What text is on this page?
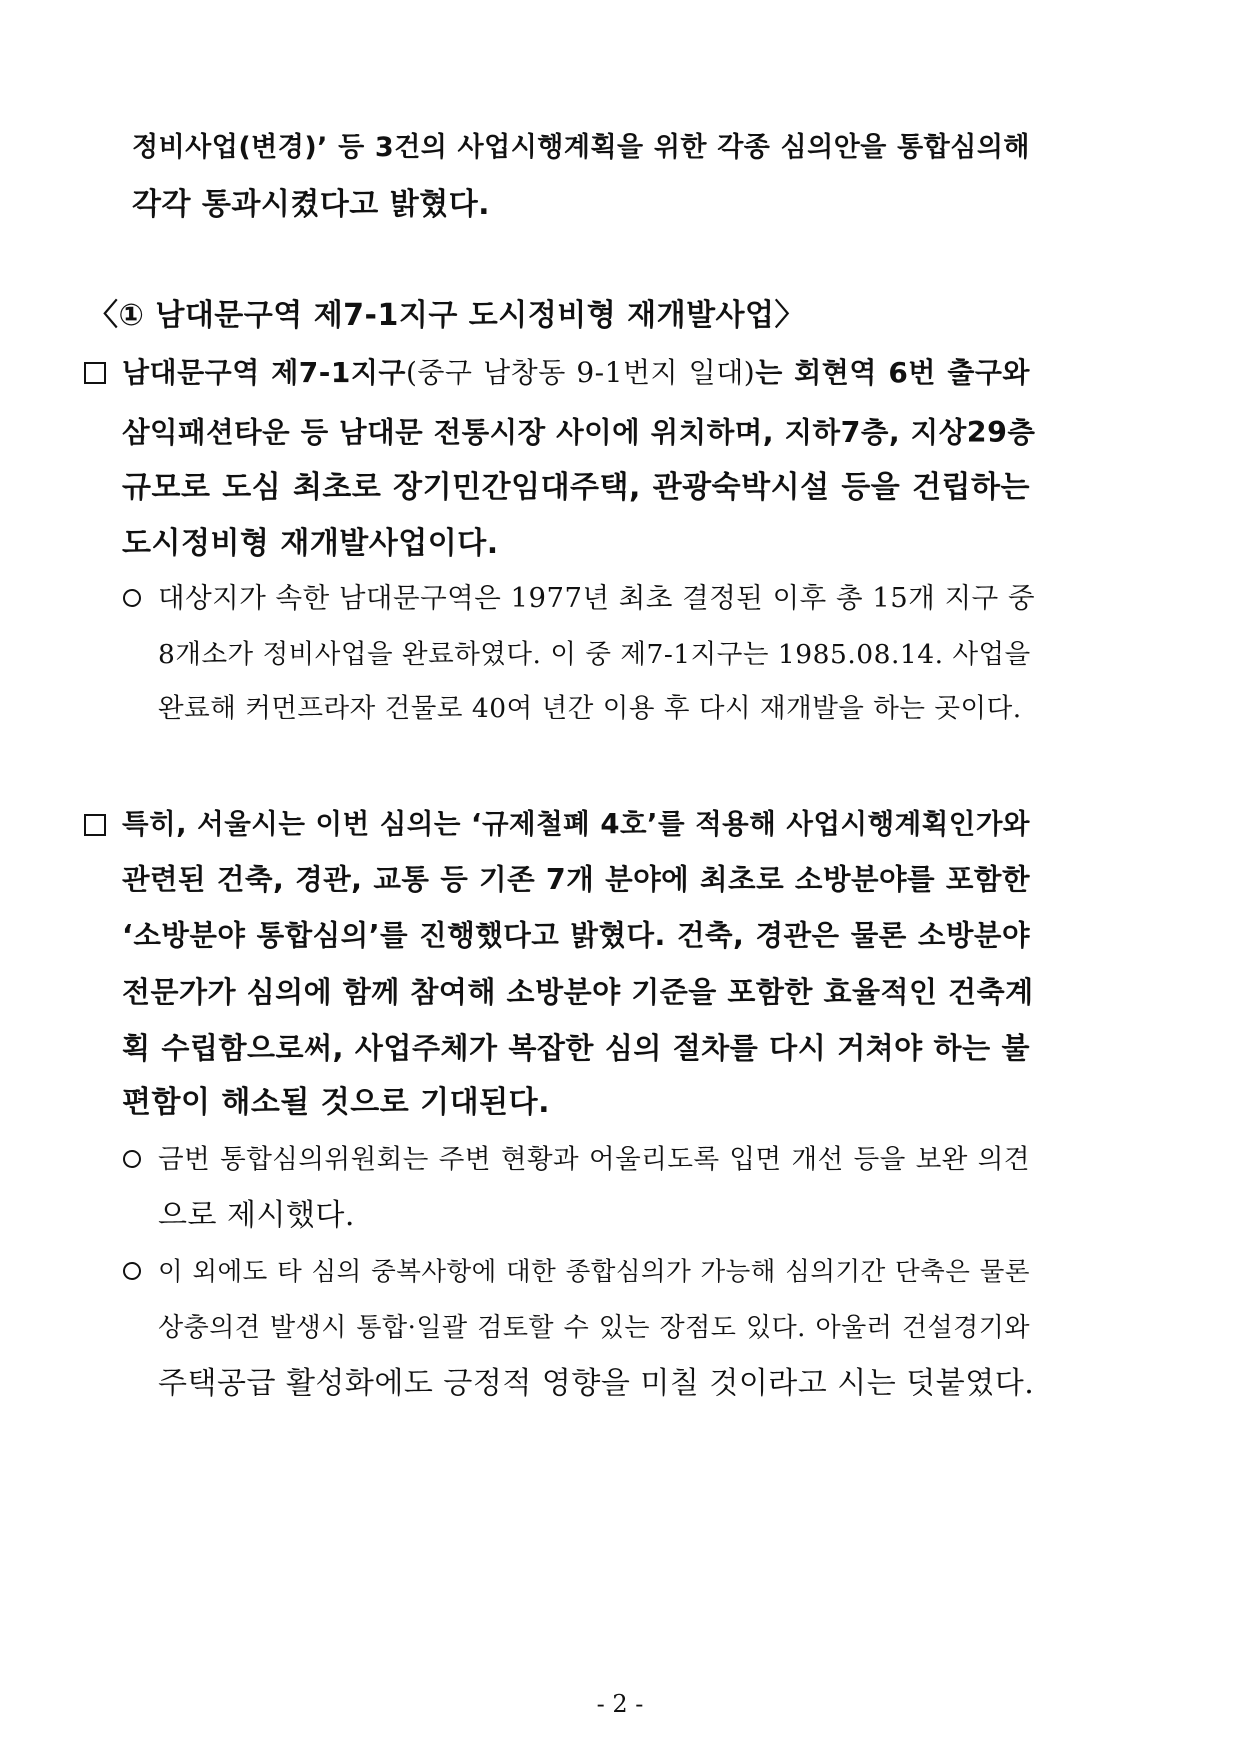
정비사업(변경)’ 등 3건의 사업시행계획을 위한 각종 심의안을 통합심의해
각각 통과시켰다고 밝혔다.
〈① 남대문구역 제7-1지구 도시정비형 재개발사업〉
남대문구역 제7-1지구(중구 남창동 9-1번지 일대)는 회현역 6번 출구와
삼익패션타운 등 남대문 전통시장 사이에 위치하며, 지하7층, 지상29층
규모로 도심 최초로 장기민간임대주택, 관광숙박시설 등을 건립하는
도시정비형 재개발사업이다.
대상지가 속한 남대문구역은 1977년 최초 결정된 이후 총 15개 지구 중
8개소가 정비사업을 완료하였다. 이 중 제7-1지구는 1985.08.14. 사업을
완료해 커먼프라자 건물로 40여 년간 이용 후 다시 재개발을 하는 곳이다.
특히, 서울시는 이번 심의는 ‘규제철폐 4호’를 적용해 사업시행계획인가와
관련된 건축, 경관, 교통 등 기존 7개 분야에 최초로 소방분야를 포함한
‘소방분야 통합심의’를 진행했다고 밝혔다. 건축, 경관은 물론 소방분야
전문가가 심의에 함께 참여해 소방분야 기준을 포함한 효율적인 건축계
획 수립함으로써, 사업주체가 복잡한 심의 절차를 다시 거쳐야 하는 불
편함이 해소될 것으로 기대된다.
금번 통합심의위원회는 주변 현황과 어울리도록 입면 개선 등을 보완 의견
으로 제시했다.
이 외에도 타 심의 중복사항에 대한 종합심의가 가능해 심의기간 단축은 물론
상충의견 발생시 통합·일괄 검토할 수 있는 장점도 있다. 아울러 건설경기와
주택공급 활성화에도 긍정적 영향을 미칠 것이라고 시는 덧붙였다.
- 2 -
